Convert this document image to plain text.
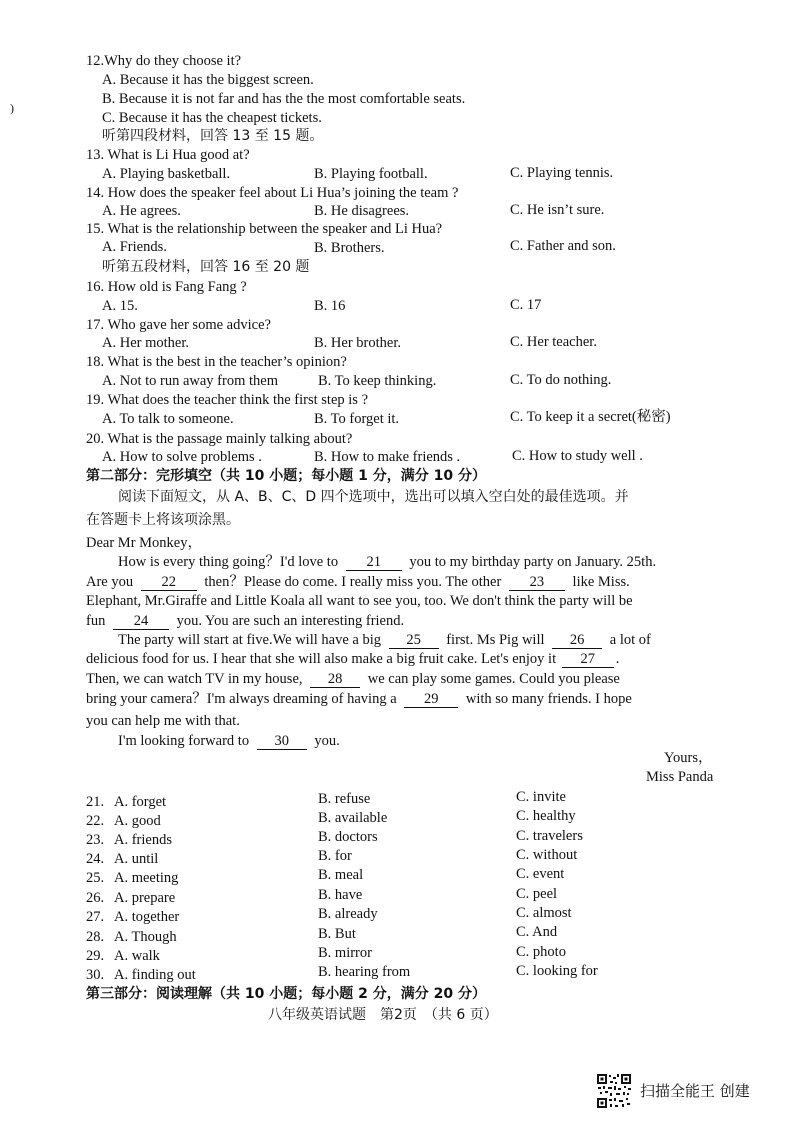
)
12.Why do they choose it?
A. Because it has the biggest screen.
B. Because it is not far and has the the most comfortable seats.
C. Because it has the cheapest tickets.
听第四段材料，回答 13 至 15 题。
13. What is Li Hua good at?
A. Playing basketball.	B. Playing football.	C. Playing tennis.
14. How does the speaker feel about Li Hua’s joining the team ?
A. He agrees.	B. He disagrees.	C. He isn’t sure.
15. What is the relationship between the speaker and Li Hua?
A. Friends.	B. Brothers.	C. Father and son.
听第五段材料，回答 16 至 20 题
16. How old is Fang Fang ?
A. 15.	B. 16	C. 17
17. Who gave her some advice?
A. Her mother.	B. Her brother.	C. Her teacher.
18. What is the best in the teacher’s opinion?
A. Not to run away from them	B. To keep thinking.	C. To do nothing.
19. What does the teacher think the first step is ?
A. To talk to someone.	B. To forget it.	C. To keep it a secret(秘密)
20. What is the passage mainly talking about?
A. How to solve problems .	B. How to make friends .	C. How to study well .
第二部分：完形填空（共 10 小题；每小题 1 分，满分 10 分）
阅读下面短文，从 A、B、C、D 四个选项中，选出可以填入空白处的最佳选项。并
在答题卡上将该项涂黑。
Dear Mr Monkey，
How is every thing going？I'd love to 21 you to my birthday party on January. 25th.
Are you 22 then？Please do come. I really miss you. The other 23 like Miss.
Elephant, Mr.Giraffe and Little Koala all want to see you, too. We don't think the party will be
fun 24 you. You are such an interesting friend.
The party will start at five.We will have a big 25 first. Ms Pig will 26 a lot of
delicious food for us. I hear that she will also make a big fruit cake. Let's enjoy it 27 .
Then, we can watch TV in my house, 28 we can play some games. Could you please
bring your camera？I'm always dreaming of having a 29 with so many friends. I hope
you can help me with that.
I'm looking forward to 30 you.
Yours，
Miss Panda
21. A. forget	B. refuse	C. invite
22. A. good	B. available	C. healthy
23. A. friends	B. doctors	C. travelers
24. A. until	B. for	C. without
25. A. meeting	B. meal	C. event
26. A. prepare	B. have	C. peel
27. A. together	B. already	C. almost
28. A. Though	B. But	C. And
29. A. walk	B. mirror	C. photo
30. A. finding out	B. hearing from	C. looking for
第三部分：阅读理解（共 10 小题；每小题 2 分，满分 20 分）
八年级英语试题　第2页　（共 6 页）
扫描全能王 创建
